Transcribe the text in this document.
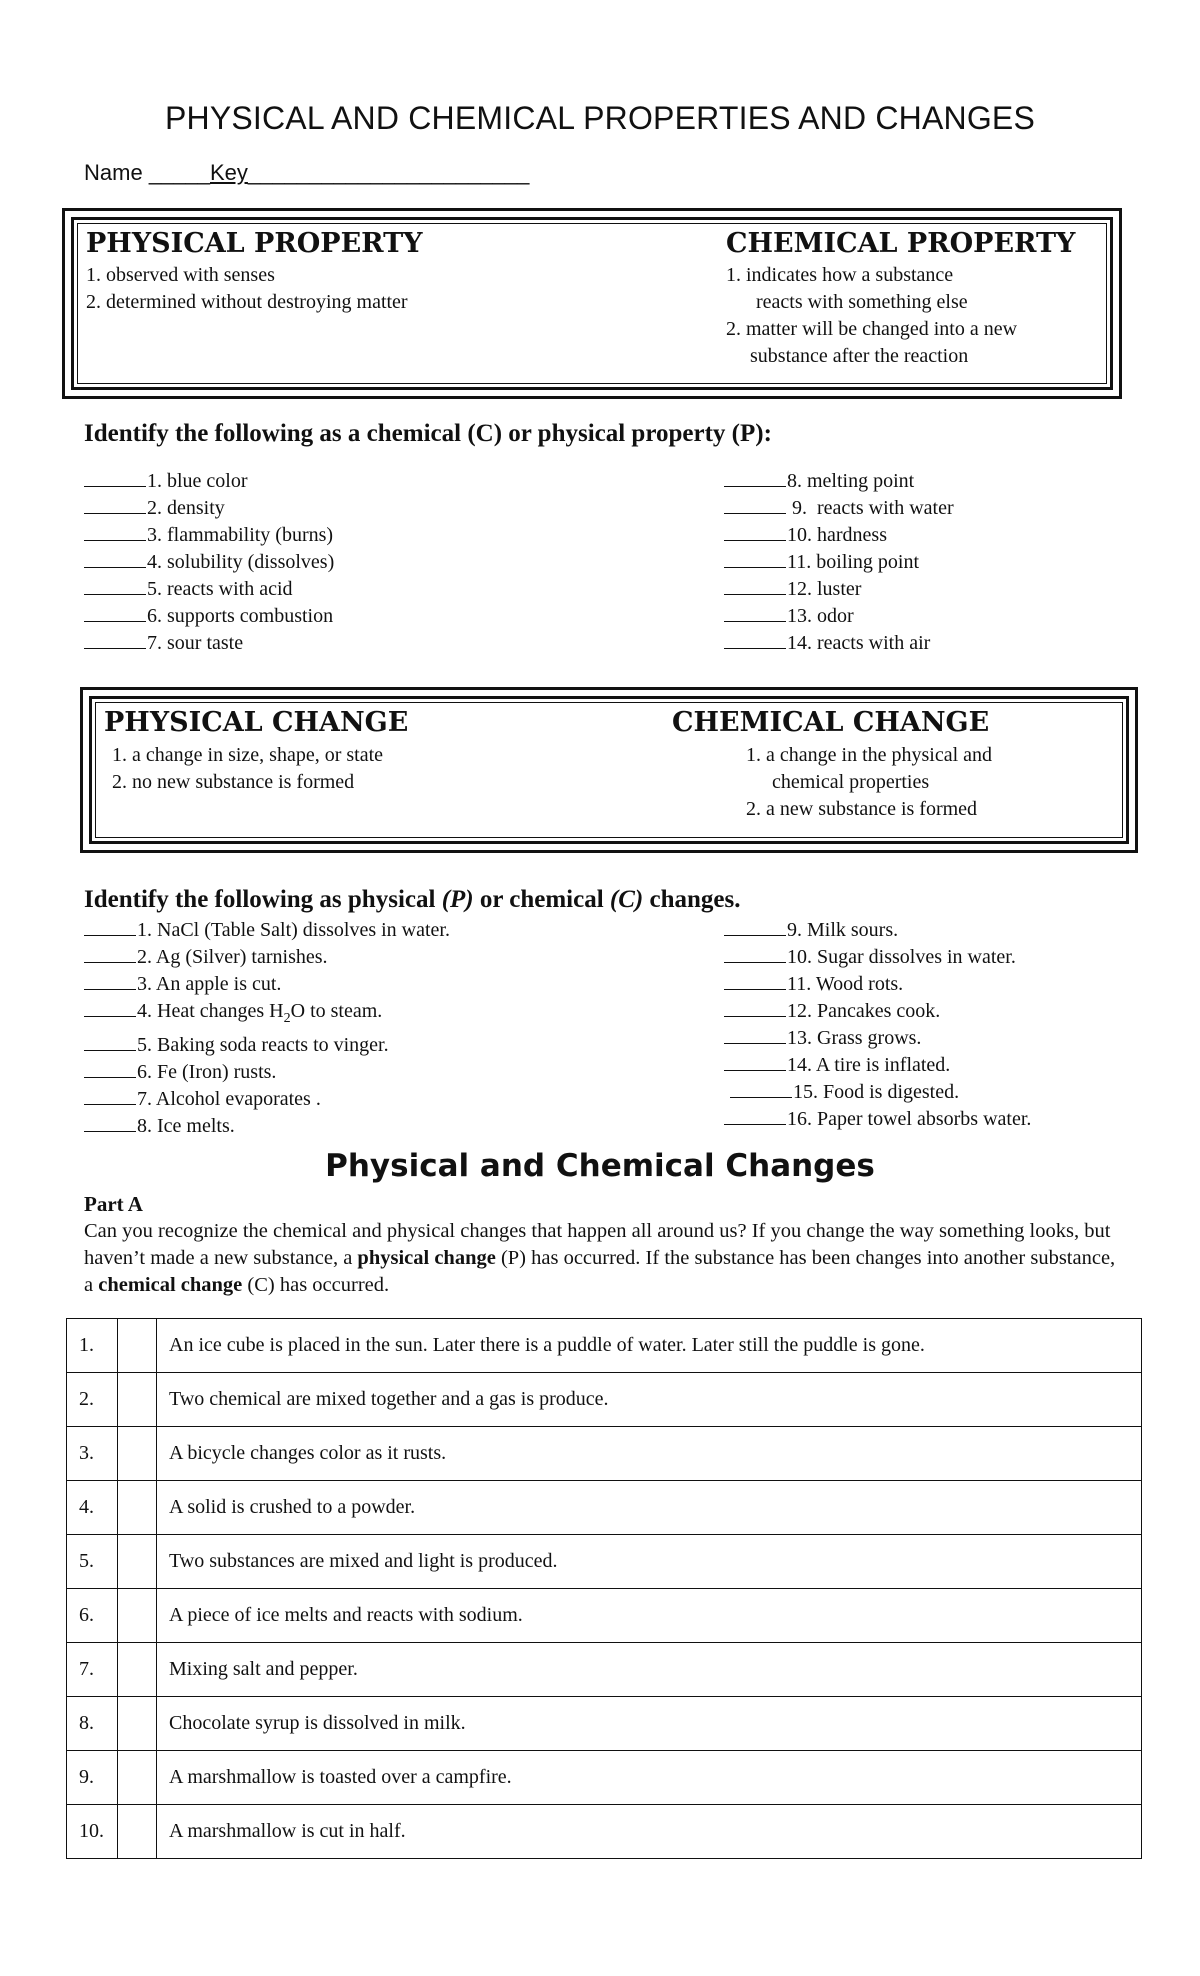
PHYSICAL AND CHEMICAL PROPERTIES AND CHANGES
Name _____Key_______________________
PHYSICAL PROPERTY
1. observed with senses
2. determined without destroying matter
CHEMICAL PROPERTY
1. indicates how a substance
reacts with something else
2. matter will be changed into a new
substance after the reaction
Identify the following as a chemical (C) or physical property (P):
1. blue color
2. density
3. flammability (burns)
4. solubility (dissolves)
5. reacts with acid
6. supports combustion
7. sour taste
8. melting point
9.  reacts with water
10. hardness
11. boiling point
12. luster
13. odor
14. reacts with air
PHYSICAL CHANGE
1. a change in size, shape, or state
2. no new substance is formed
CHEMICAL CHANGE
1. a change in the physical and
chemical properties
2. a new substance is formed
Identify the following as physical (P) or chemical (C) changes.
1. NaCl (Table Salt) dissolves in water.
2. Ag (Silver) tarnishes.
3. An apple is cut.
4. Heat changes $H_2O$ to steam.
5. Baking soda reacts to vinger.
6. Fe (Iron) rusts.
7. Alcohol evaporates .
8. Ice melts.
9. Milk sours.
10. Sugar dissolves in water.
11. Wood rots.
12. Pancakes cook.
13. Grass grows.
14. A tire is inflated.
15. Food is digested.
16. Paper towel absorbs water.
Physical and Chemical Changes
Part A
Can you recognize the chemical and physical changes that happen all around us? If you change the way something looks, but haven’t made a new substance, a physical change (P) has occurred. If the substance has been changes into another substance, a chemical change (C) has occurred.
1.		An ice cube is placed in the sun. Later there is a puddle of water. Later still the puddle is gone.
2.		Two chemical are mixed together and a gas is produce.
3.		A bicycle changes color as it rusts.
4.		A solid is crushed to a powder.
5.		Two substances are mixed and light is produced.
6.		A piece of ice melts and reacts with sodium.
7.		Mixing salt and pepper.
8.		Chocolate syrup is dissolved in milk.
9.		A marshmallow is toasted over a campfire.
10.		A marshmallow is cut in half.
